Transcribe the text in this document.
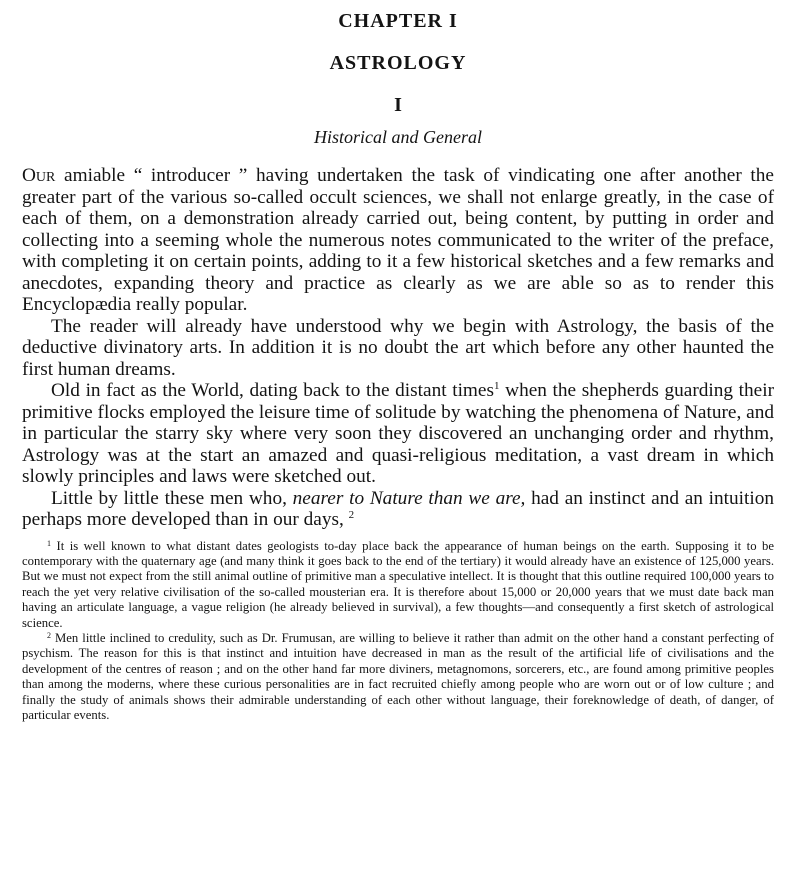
CHAPTER I
ASTROLOGY
I
Historical and General

Our amiable “ introducer ” having undertaken the task of vindicating one after another the greater part of the various so-called occult sciences, we shall not enlarge greatly, in the case of each of them, on a demonstration already carried out, being content, by putting in order and collecting into a seeming whole the numerous notes communicated to the writer of the preface, with completing it on certain points, adding to it a few historical sketches and a few remarks and anecdotes, expanding theory and practice as clearly as we are able so as to render this Encyclopædia really popular.

The reader will already have understood why we begin with Astrology, the basis of the deductive divinatory arts. In addition it is no doubt the art which before any other haunted the first human dreams.

Old in fact as the World, dating back to the distant times$^1$ when the shepherds guarding their primitive flocks employed the leisure time of solitude by watching the phenomena of Nature, and in particular the starry sky where very soon they discovered an unchanging order and rhythm, Astrology was at the start an amazed and quasi-religious meditation, a vast dream in which slowly principles and laws were sketched out.

Little by little these men who, nearer to Nature than we are, had an instinct and an intuition perhaps more developed than in our days, $^2$

$^1$ It is well known to what distant dates geologists to-day place back the appearance of human beings on the earth. Supposing it to be contemporary with the quaternary age (and many think it goes back to the end of the tertiary) it would already have an existence of 125,000 years. But we must not expect from the still animal outline of primitive man a speculative intellect. It is thought that this outline required 100,000 years to reach the yet very relative civilisation of the so-called mousterian era. It is therefore about 15,000 or 20,000 years that we must date back man having an articulate language, a vague religion (he already believed in survival), a few thoughts—and consequently a first sketch of astrological science.

$^2$ Men little inclined to credulity, such as Dr. Frumusan, are willing to believe it rather than admit on the other hand a constant perfecting of psychism. The reason for this is that instinct and intuition have decreased in man as the result of the artificial life of civilisations and the development of the centres of reason ; and on the other hand far more diviners, metagnomons, sorcerers, etc., are found among primitive peoples than among the moderns, where these curious personalities are in fact recruited chiefly among people who are worn out or of low culture ; and finally the study of animals shows their admirable understanding of each other without language, their foreknowledge of death, of danger, of particular events.
